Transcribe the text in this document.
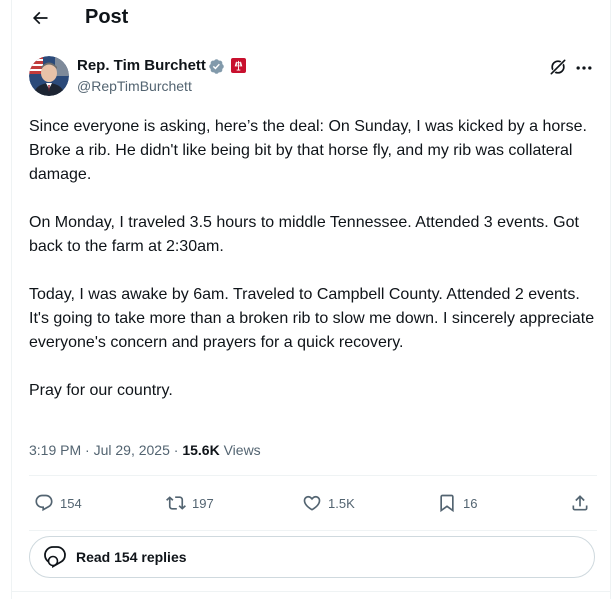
Post
Rep. Tim Burchett
@RepTimBurchett

Since everyone is asking, here’s the deal: On Sunday, I was kicked by a horse. Broke a rib. He didn't like being bit by that horse fly, and my rib was collateral damage.

On Monday, I traveled 3.5 hours to middle Tennessee. Attended 3 events. Got back to the farm at 2:30am.

Today, I was awake by 6am. Traveled to Campbell County. Attended 2 events.

It's going to take more than a broken rib to slow me down. I sincerely appreciate everyone's concern and prayers for a quick recovery.

Pray for our country.

3:19 PM · Jul 29, 2025 · 15.6K Views
154	197	1.5K	16
Read 154 replies
